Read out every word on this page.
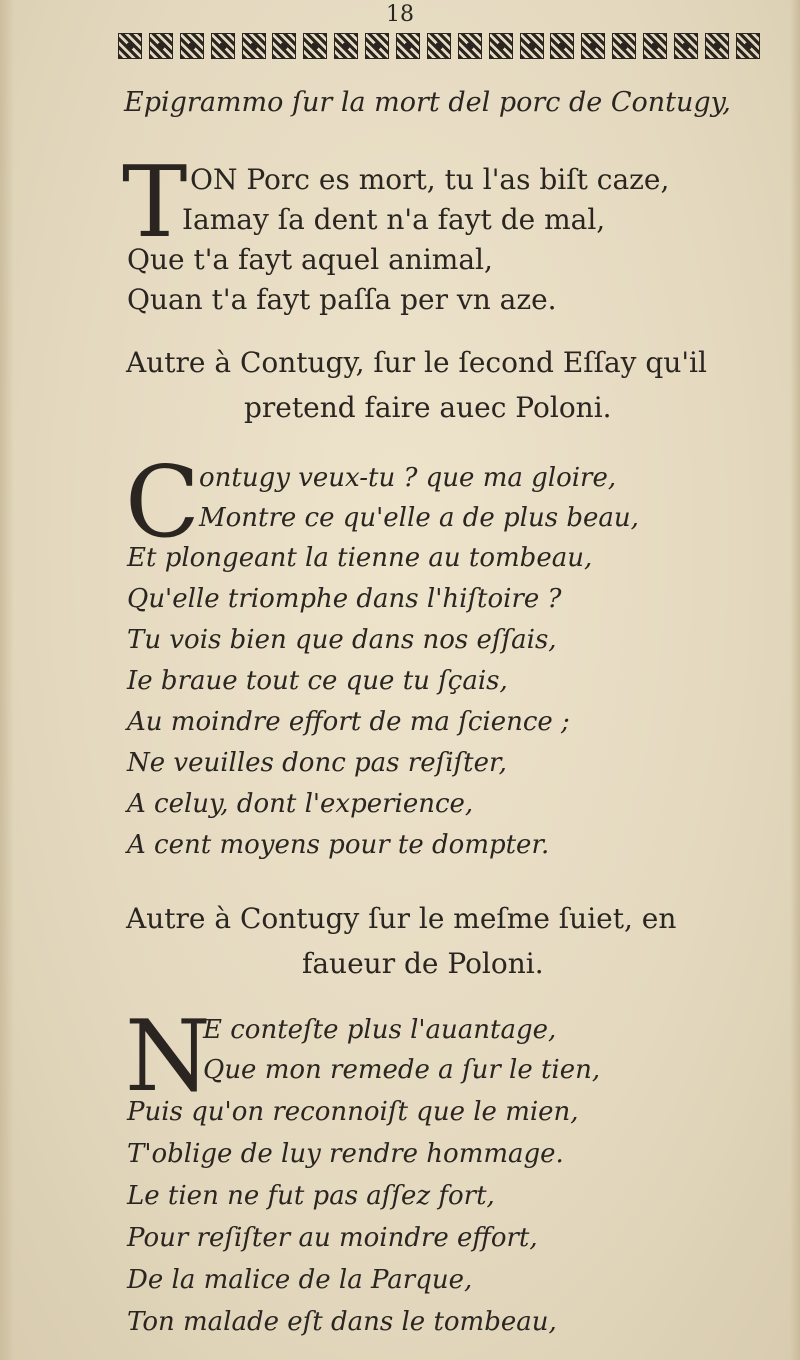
18
Epigrammo ſur la mort del porc de Contugy,
T ON Porc es mort, tu l'as biſt caze,
Iamay ſa dent n'a fayt de mal,
Que t'a fayt aquel animal,
Quan t'a fayt paſſa per vn aze.
Autre à Contugy, ſur le ſecond Eſſay qu'il
pretend faire auec Poloni.
C ontugy veux-tu ? que ma gloire,
Montre ce qu'elle a de plus beau,
Et plongeant la tienne au tombeau,
Qu'elle triomphe dans l'hiſtoire ?
Tu vois bien que dans nos eſſais,
Ie braue tout ce que tu ſçais,
Au moindre effort de ma ſcience ;
Ne veuilles donc pas reſiſter,
A celuy, dont l'experience,
A cent moyens pour te dompter.
Autre à Contugy ſur le meſme ſuiet, en
faueur de Poloni.
N
E conteſte plus l'auantage,
Que mon remede a ſur le tien,
Puis qu'on reconnoiſt que le mien,
T'oblige de luy rendre hommage.
Le tien ne fut pas aſſez fort,
Pour reſiſter au moindre effort,
De la malice de la Parque,
Ton malade eſt dans le tombeau,
